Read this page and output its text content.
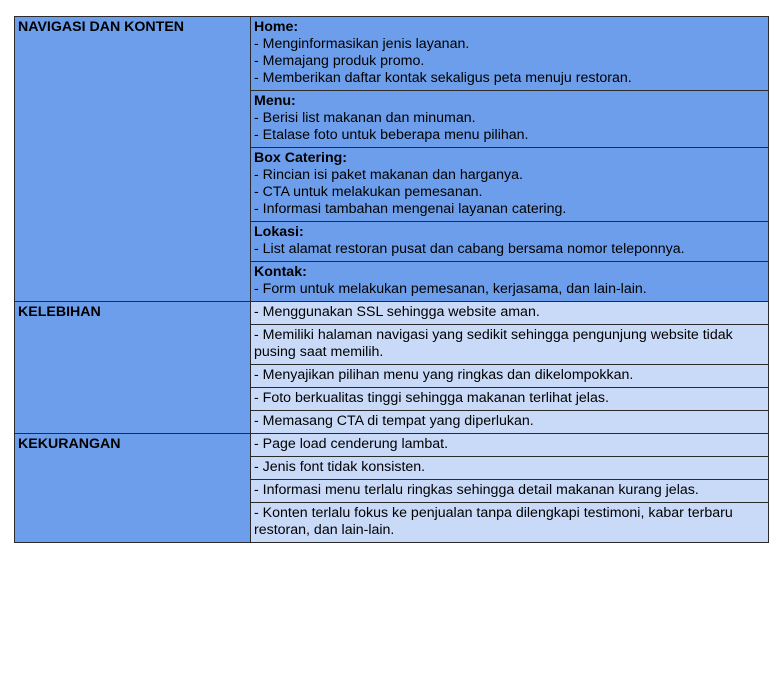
NAVIGASI DAN KONTEN	Home:
- Menginformasikan jenis layanan.
- Memajang produk promo.
- Memberikan daftar kontak sekaligus peta menuju restoran.

	Menu:
- Berisi list makanan dan minuman.
- Etalase foto untuk beberapa menu pilihan.

	Box Catering:
- Rincian isi paket makanan dan harganya.
- CTA untuk melakukan pemesanan.
- Informasi tambahan mengenai layanan catering.

	Lokasi:
- List alamat restoran pusat dan cabang bersama nomor teleponnya.

	Kontak:
- Form untuk melakukan pemesanan, kerjasama, dan lain-lain.

KELEBIHAN	- Menggunakan SSL sehingga website aman.
	- Memiliki halaman navigasi yang sedikit sehingga pengunjung website tidak pusing saat memilih.
	- Menyajikan pilihan menu yang ringkas dan dikelompokkan.
	- Foto berkualitas tinggi sehingga makanan terlihat jelas.
	- Memasang CTA di tempat yang diperlukan.
KEKURANGAN	- Page load cenderung lambat.
	- Jenis font tidak konsisten.
	- Informasi menu terlalu ringkas sehingga detail makanan kurang jelas.
	- Konten terlalu fokus ke penjualan tanpa dilengkapi testimoni, kabar terbaru restoran, dan lain-lain.
